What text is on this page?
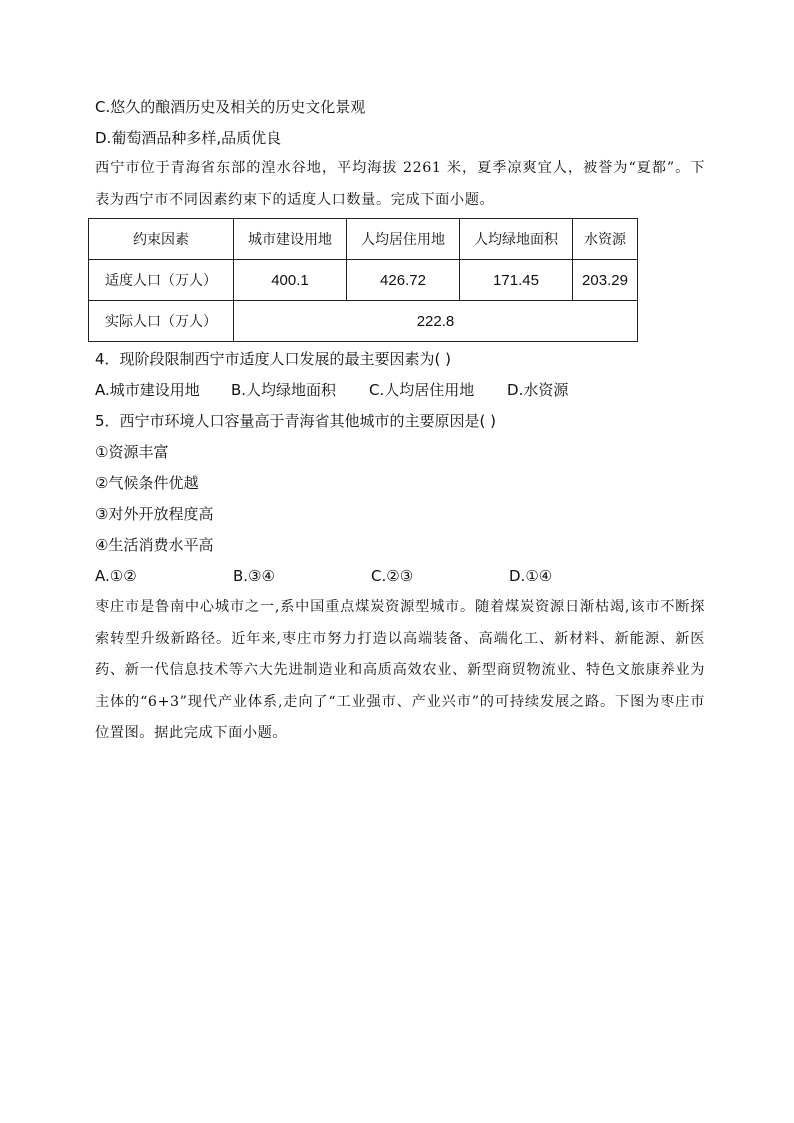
C.悠久的酿酒历史及相关的历史文化景观
D.葡萄酒品种多样,品质优良
西宁市位于青海省东部的湟水谷地，平均海拔 2261 米，夏季凉爽宜人，被誉为“夏都”。下表为西宁市不同因素约束下的适度人口数量。完成下面小题。
约束因素	城市建设用地	人均居住用地	人均绿地面积	水资源
适度人口（万人）	400.1	426.72	171.45	203.29
实际人口（万人）	222.8			
4．现阶段限制西宁市适度人口发展的最主要因素为( )
A.城市建设用地 B.人均绿地面积 C.人均居住用地 D.水资源
5．西宁市环境人口容量高于青海省其他城市的主要原因是( )
①资源丰富
②气候条件优越
③对外开放程度高
④生活消费水平高
A.①②	B.③④	C.②③	D.①④
枣庄市是鲁南中心城市之一,系中国重点煤炭资源型城市。随着煤炭资源日渐枯竭,该市不断探索转型升级新路径。近年来,枣庄市努力打造以高端装备、高端化工、新材料、新能源、新医药、新一代信息技术等六大先进制造业和高质高效农业、新型商贸物流业、特色文旅康养业为主体的“6+3”现代产业体系,走向了“工业强市、产业兴市”的可持续发展之路。下图为枣庄市位置图。据此完成下面小题。
